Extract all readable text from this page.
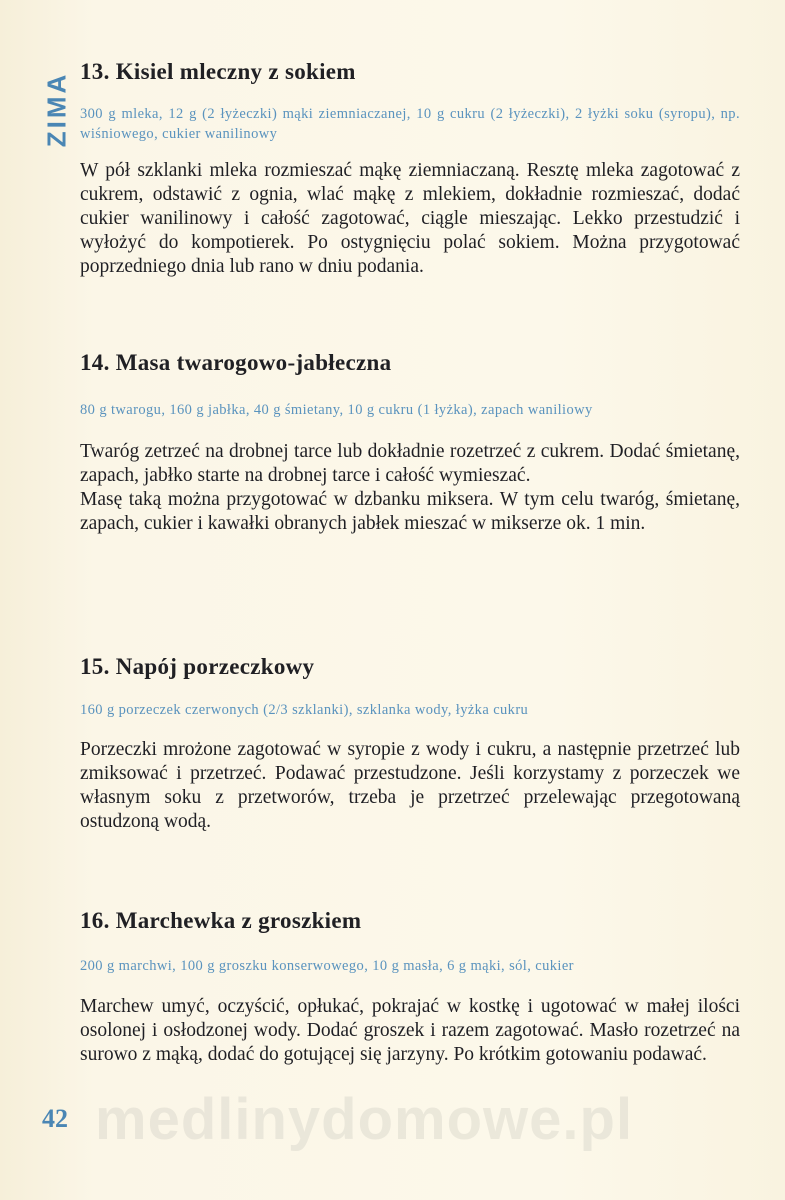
ZIMA 13. Kisiel mleczny z sokiem

300 g mleka, 12 g (2 łyżeczki) mąki ziemniaczanej, 10 g cukru (2 łyżeczki), 2 łyżki soku (syropu), np. wiśniowego, cukier wanilinowy

W pół szklanki mleka rozmieszać mąkę ziemniaczaną. Resztę mleka zagotować z cukrem, odstawić z ognia, wlać mąkę z mlekiem, dokładnie rozmieszać, dodać cukier wanilinowy i całość zagotować, ciągle mieszając. Lekko przestudzić i wyłożyć do kompotierek. Po ostygnięciu polać sokiem. Można przygotować poprzedniego dnia lub rano w dniu podania.

14. Masa twarogowo-jabłeczna

80 g twarogu, 160 g jabłka, 40 g śmietany, 10 g cukru (1 łyżka), zapach waniliowy

Twaróg zetrzeć na drobnej tarce lub dokładnie rozetrzeć z cukrem. Dodać śmietanę, zapach, jabłko starte na drobnej tarce i całość wymieszać.

Masę taką można przygotować w dzbanku miksera. W tym celu twaróg, śmietanę, zapach, cukier i kawałki obranych jabłek mieszać w mikserze ok. 1 min.

15. Napój porzeczkowy

160 g porzeczek czerwonych (2/3 szklanki), szklanka wody, łyżka cukru

Porzeczki mrożone zagotować w syropie z wody i cukru, a następnie przetrzeć lub zmiksować i przetrzeć. Podawać przestudzone. Jeśli korzystamy z porzeczek we własnym soku z przetworów, trzeba je przetrzeć przelewając przegotowaną ostudzoną wodą.

16. Marchewka z groszkiem

200 g marchwi, 100 g groszku konserwowego, 10 g masła, 6 g mąki, sól, cukier

Marchew umyć, oczyścić, opłukać, pokrajać w kostkę i ugotować w małej ilości osolonej i osłodzonej wody. Dodać groszek i razem zagotować. Masło rozetrzeć na surowo z mąką, dodać do gotującej się jarzyny. Po krótkim gotowaniu podawać.

medlinydomowe.pl
42
